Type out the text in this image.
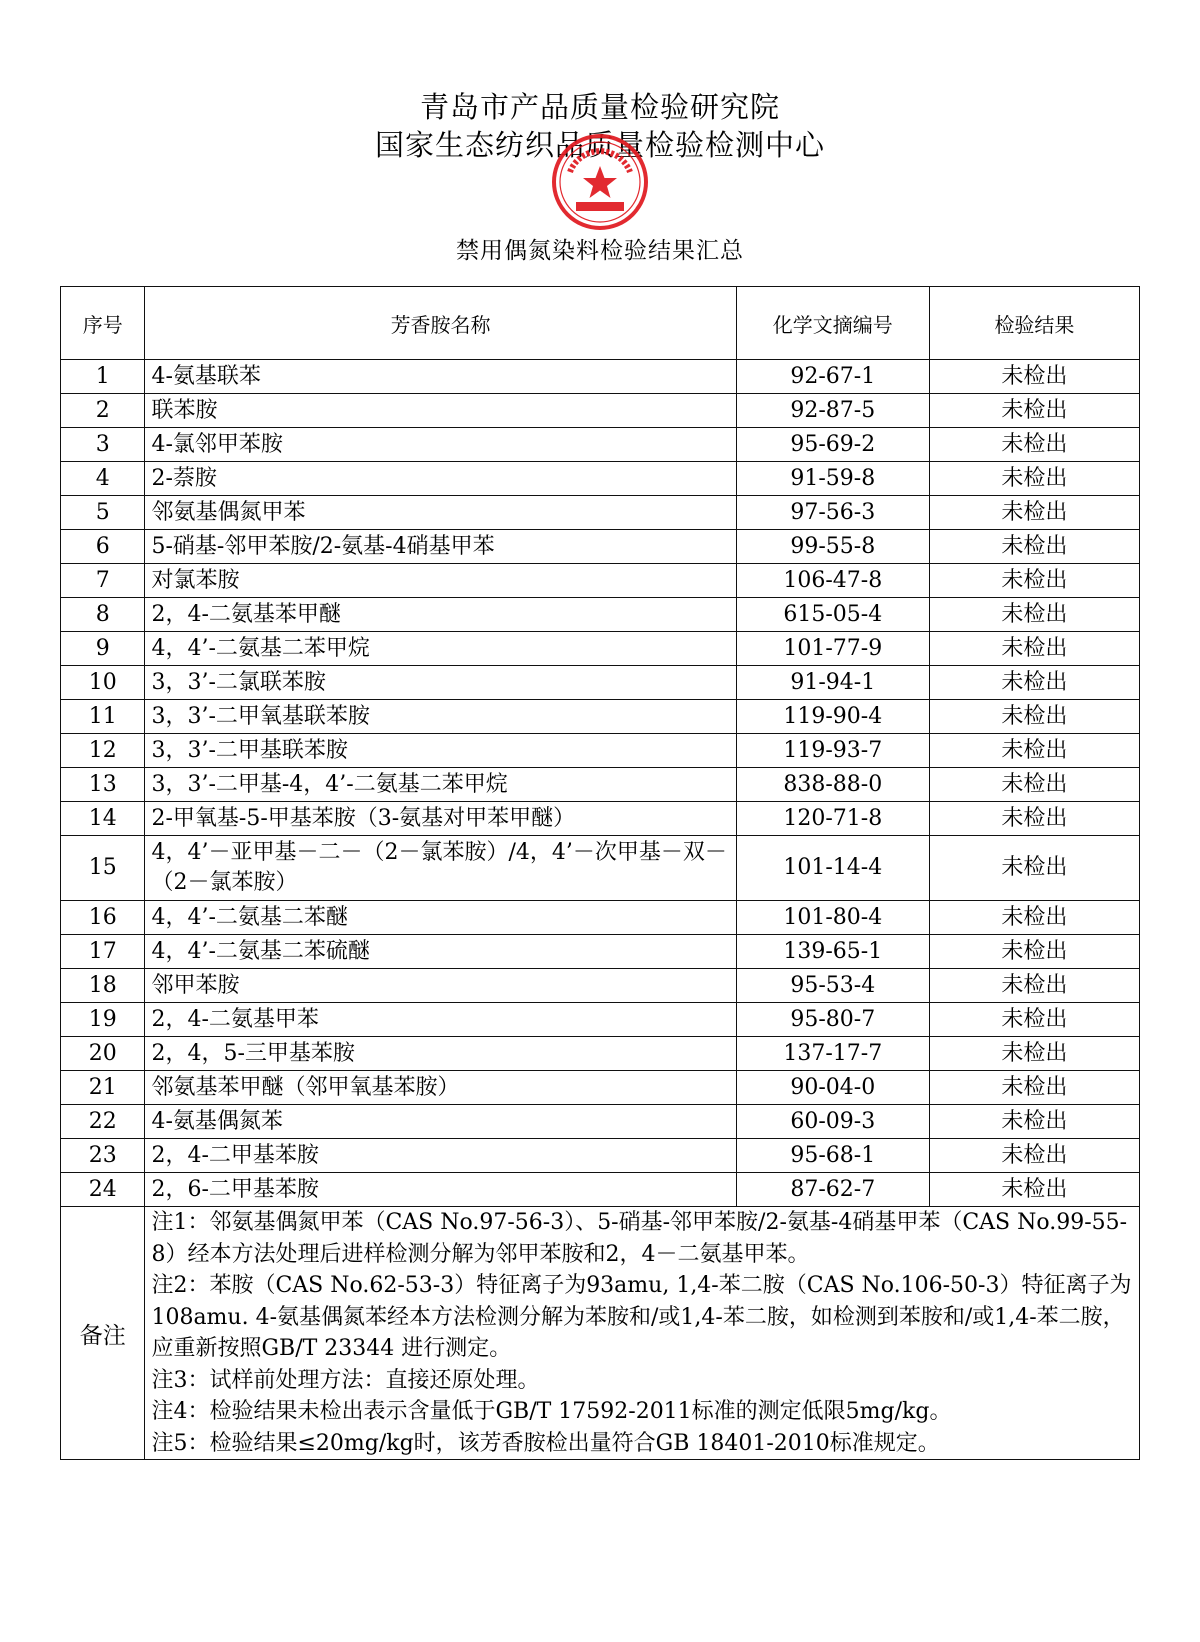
青岛市产品质量检验研究院
国家生态纺织品质量检验检测中心
禁用偶氮染料检验结果汇总
序号	芳香胺名称	化学文摘编号	检验结果
1	4-氨基联苯	92-67-1	未检出
2	联苯胺	92-87-5	未检出
3	4-氯邻甲苯胺	95-69-2	未检出
4	2-萘胺	91-59-8	未检出
5	邻氨基偶氮甲苯	97-56-3	未检出
6	5-硝基-邻甲苯胺/2-氨基-4硝基甲苯	99-55-8	未检出
7	对氯苯胺	106-47-8	未检出
8	2，4-二氨基苯甲醚	615-05-4	未检出
9	4，4’-二氨基二苯甲烷	101-77-9	未检出
10	3，3’-二氯联苯胺	91-94-1	未检出
11	3，3’-二甲氧基联苯胺	119-90-4	未检出
12	3，3’-二甲基联苯胺	119-93-7	未检出
13	3，3’-二甲基-4，4’-二氨基二苯甲烷	838-88-0	未检出
14	2-甲氧基-5-甲基苯胺（3-氨基对甲苯甲醚）	120-71-8	未检出
15	4，4’－亚甲基－二－（2－氯苯胺）/4，4’－次甲基－双－（2－氯苯胺）	101-14-4	未检出
16	4，4’-二氨基二苯醚	101-80-4	未检出
17	4，4’-二氨基二苯硫醚	139-65-1	未检出
18	邻甲苯胺	95-53-4	未检出
19	2，4-二氨基甲苯	95-80-7	未检出
20	2，4，5-三甲基苯胺	137-17-7	未检出
21	邻氨基苯甲醚（邻甲氧基苯胺）	90-04-0	未检出
22	4-氨基偶氮苯	60-09-3	未检出
23	2，4-二甲基苯胺	95-68-1	未检出
24	2，6-二甲基苯胺	87-62-7	未检出
备注	注1：邻氨基偶氮甲苯（CAS No.97-56-3）、5-硝基-邻甲苯胺/2-氨基-4硝基甲苯（CAS No.99-55-8）经本方法处理后进样检测分解为邻甲苯胺和2，4－二氨基甲苯。

注2：苯胺（CAS No.62-53-3）特征离子为93amu, 1,4-苯二胺（CAS No.106-50-3）特征离子为108amu. 4-氨基偶氮苯经本方法检测分解为苯胺和/或1,4-苯二胺，如检测到苯胺和/或1,4-苯二胺，应重新按照GB/T 23344 进行测定。

注3：试样前处理方法：直接还原处理。

注4：检验结果未检出表示含量低于GB/T 17592-2011标准的测定低限5mg/kg。

注5：检验结果≤20mg/kg时，该芳香胺检出量符合GB 18401-2010标准规定。		
